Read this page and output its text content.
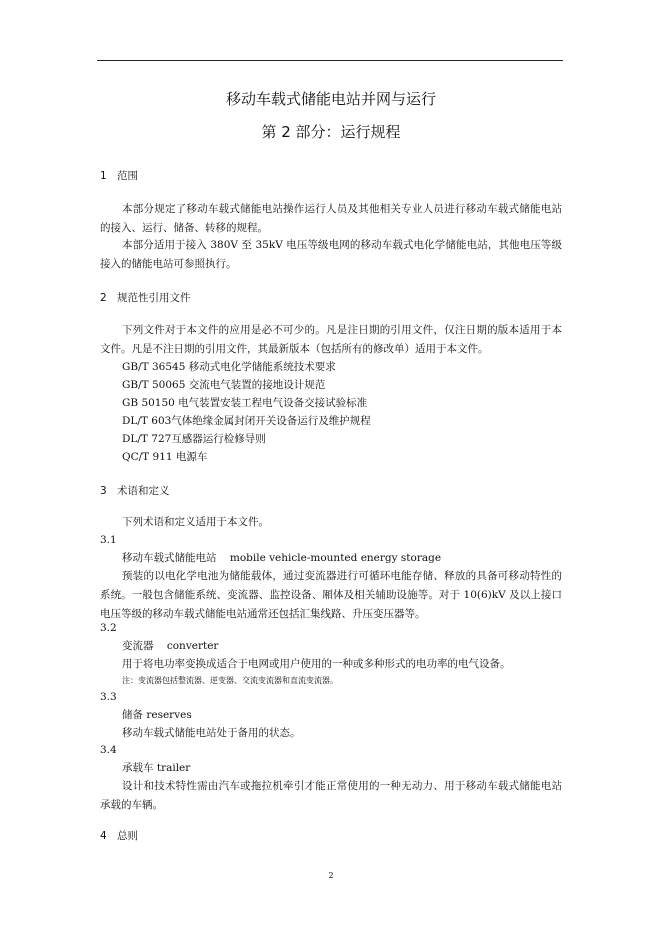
移动车载式储能电站并网与运行
第 2 部分：运行规程
1 范围
本部分规定了移动车载式储能电站操作运行人员及其他相关专业人员进行移动车载式储能电站的接入、运行、储备、转移的规程。
本部分适用于接入 380V 至 35kV 电压等级电网的移动车载式电化学储能电站，其他电压等级接入的储能电站可参照执行。
2 规范性引用文件
下列文件对于本文件的应用是必不可少的。凡是注日期的引用文件，仅注日期的版本适用于本文件。凡是不注日期的引用文件，其最新版本（包括所有的修改单）适用于本文件。
GB/T 36545 移动式电化学储能系统技术要求
GB/T 50065 交流电气装置的接地设计规范
GB 50150 电气装置安装工程电气设备交接试验标准
DL/T 603气体绝缘金属封闭开关设备运行及维护规程
DL/T 727互感器运行检修导则
QC/T 911 电源车
3 术语和定义
下列术语和定义适用于本文件。
3.1
移动车载式储能电站 mobile vehicle-mounted energy storage
预装的以电化学电池为储能载体，通过变流器进行可循环电能存储、释放的具备可移动特性的系统。一般包含储能系统、变流器、监控设备、厢体及相关辅助设施等。对于 10(6)kV 及以上接口电压等级的移动车载式储能电站通常还包括汇集线路、升压变压器等。
3.2
变流器 converter
用于将电功率变换成适合于电网或用户使用的一种或多种形式的电功率的电气设备。
注：变流器包括整流器、逆变器、交流变流器和直流变流器。
3.3
储备 reserves
移动车载式储能电站处于备用的状态。
3.4
承载车 trailer
设计和技术特性需由汽车或拖拉机牵引才能正常使用的一种无动力、用于移动车载式储能电站承载的车辆。
4 总则
2
